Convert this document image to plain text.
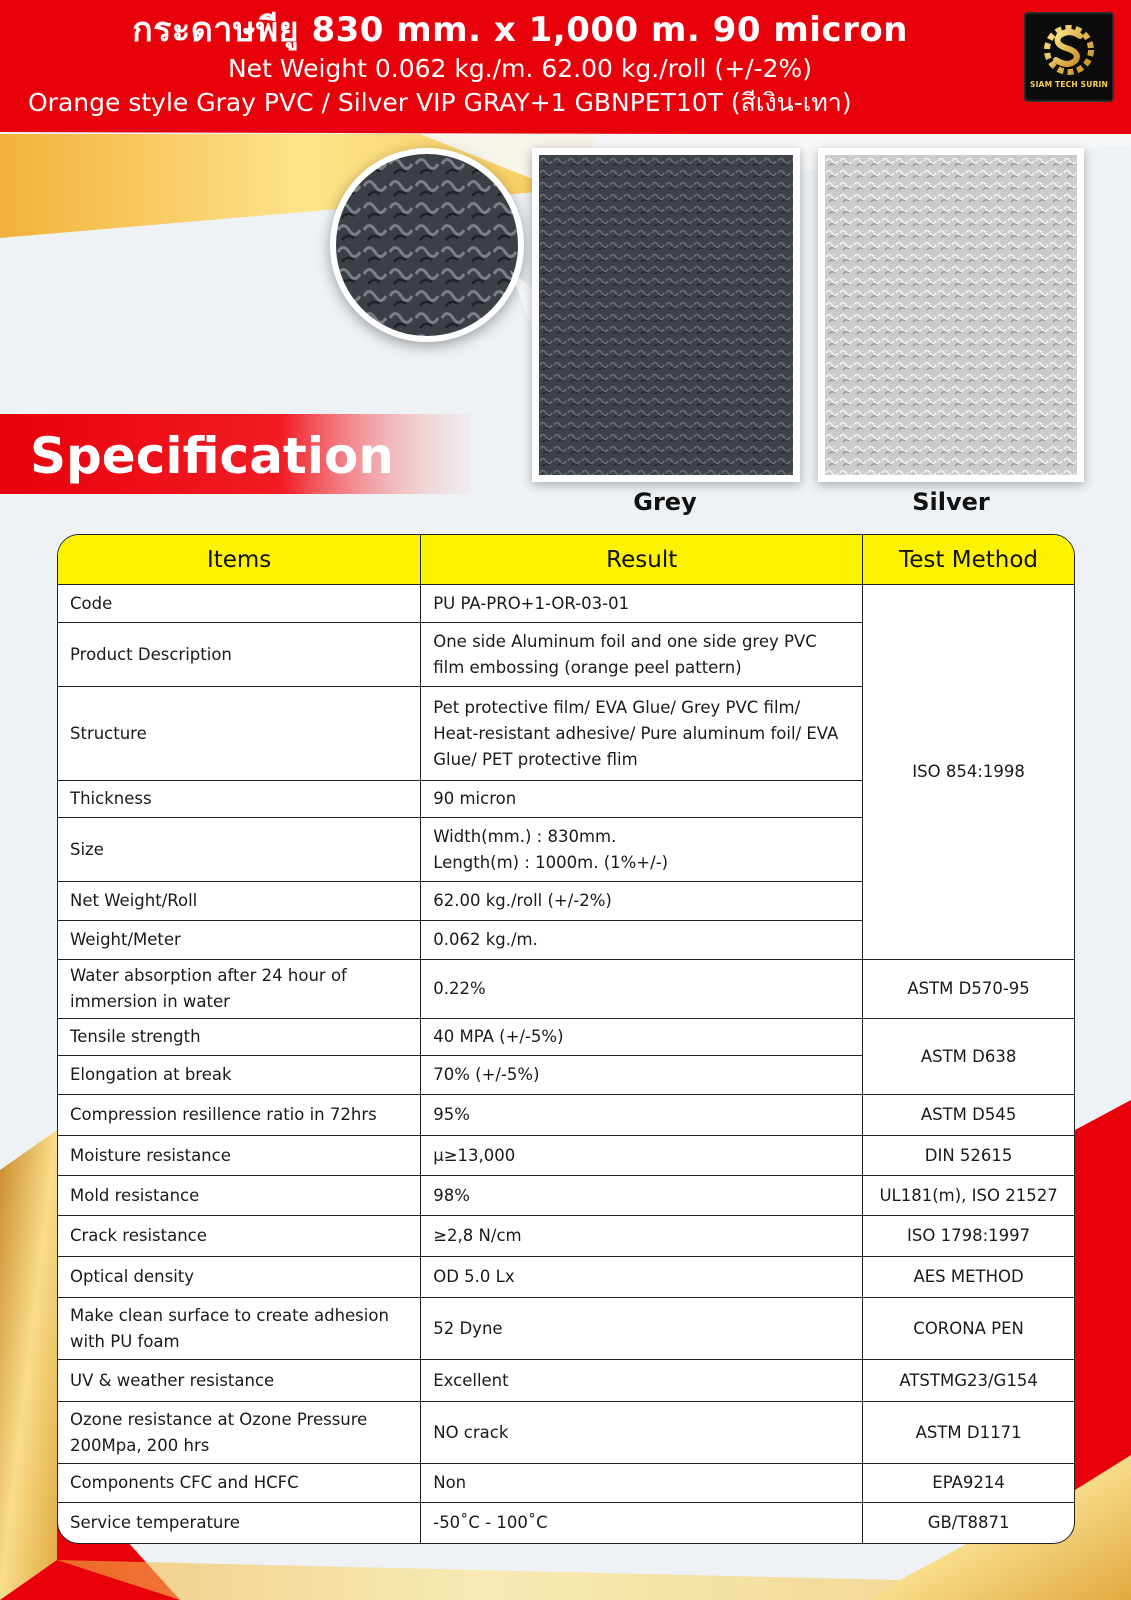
กระดาษพียู 830 mm. x 1,000 m. 90 micron
Net Weight 0.062 kg./m. 62.00 kg./roll (+/-2%)
Orange style Gray PVC / Silver VIP GRAY+1 GBNPET10T (สีเงิน-เทา)
SIAM TECH SURIN
Grey	Silver
Specification
Items	Result	Test Method
Code	PU PA-PRO+1-OR-03-01	ISO 854:1998
Product Description	One side Aluminum foil and one side grey PVC film embossing (orange peel pattern)	
Structure	Pet protective film/ EVA Glue/ Grey PVC film/ Heat-resistant adhesive/ Pure aluminum foil/ EVA Glue/ PET protective flim	
Thickness	90 micron	
Size	Width(mm.) : 830mm.
Length(m) : 1000m. (1%+/-)	

Net Weight/Roll	62.00 kg./roll (+/-2%)	
Weight/Meter	0.062 kg./m.	
Water absorption after 24 hour of immersion in water	0.22%	ASTM D570-95
Tensile strength	40 MPA (+/-5%)	ASTM D638
Elongation at break	70% (+/-5%)	
Compression resillence ratio in 72hrs	95%	ASTM D545
Moisture resistance	μ≥13,000	DIN 52615
Mold resistance	98%	UL181(m), ISO 21527
Crack resistance	≥2,8 N/cm	ISO 1798:1997
Optical density	OD 5.0 Lx	AES METHOD
Make clean surface to create adhesion with PU foam	52 Dyne	CORONA PEN
UV & weather resistance	Excellent	ATSTMG23/G154
Ozone resistance at Ozone Pressure 200Mpa, 200 hrs	NO crack	ASTM D1171
Components CFC and HCFC	Non	EPA9214
Service temperature	-50˚C - 100˚C	GB/T8871
